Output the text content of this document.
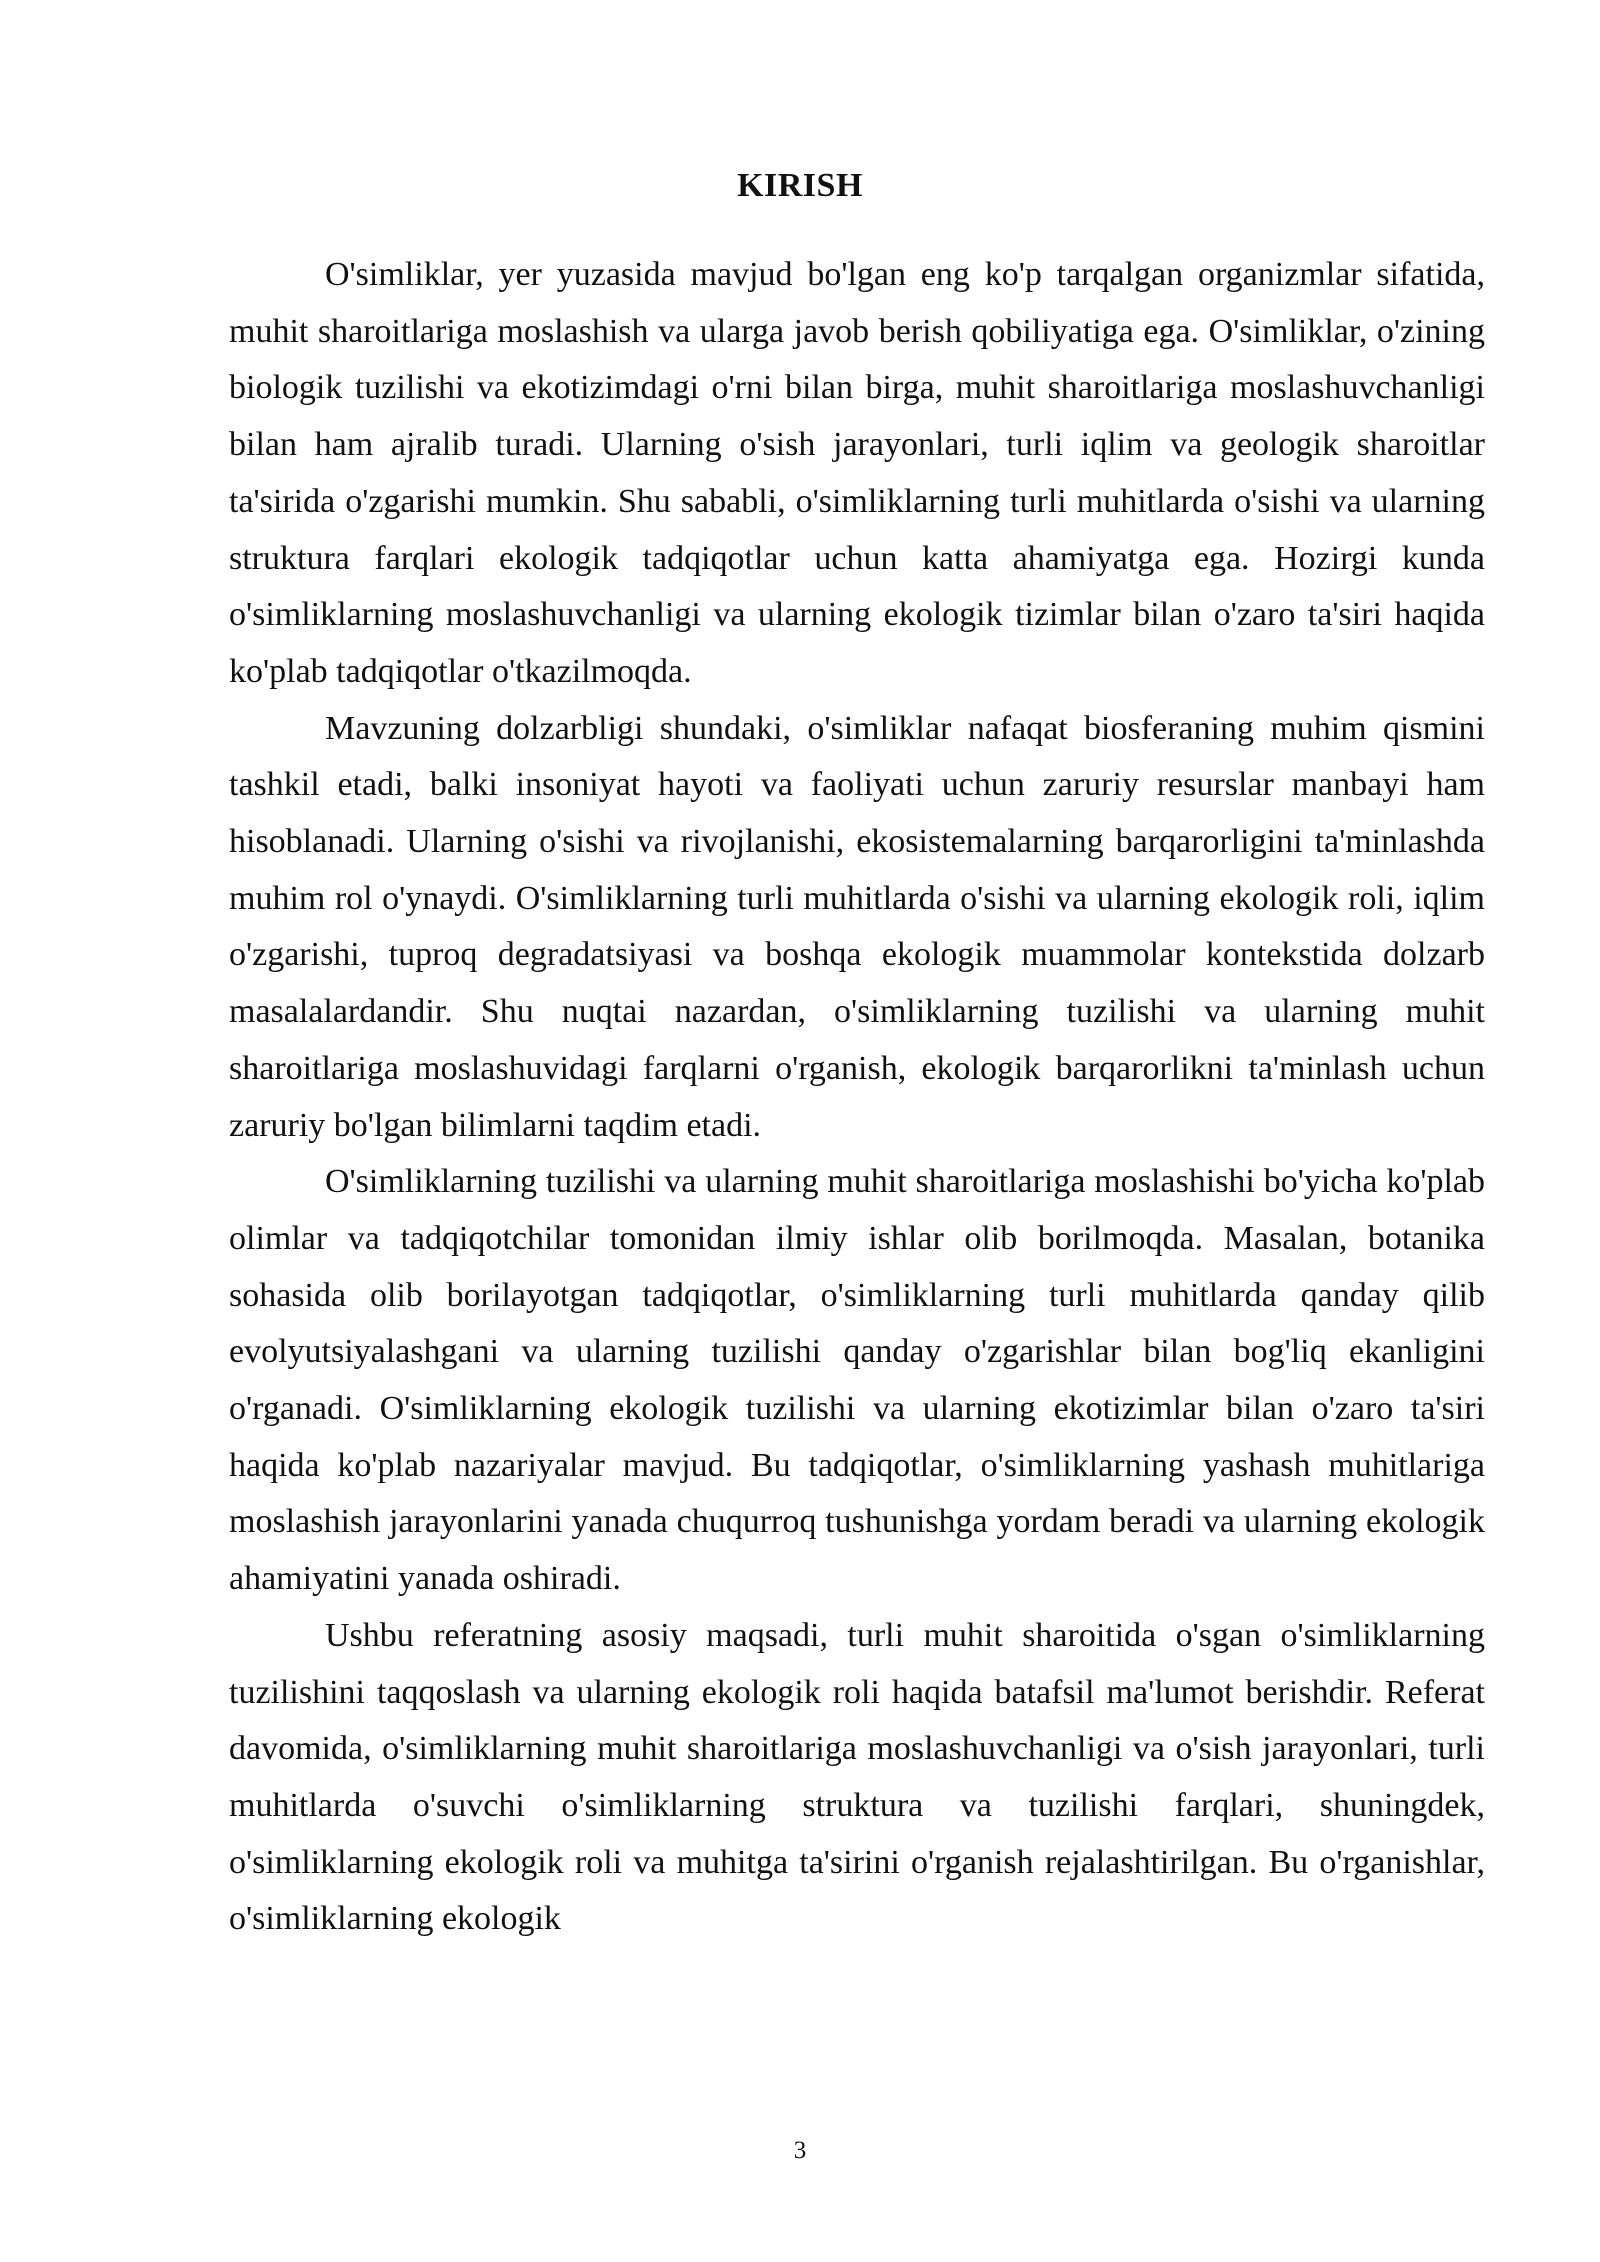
KIRISH

O'simliklar, yer yuzasida mavjud bo'lgan eng ko'p tarqalgan organizmlar sifatida, muhit sharoitlariga moslashish va ularga javob berish qobiliyatiga ega. O'simliklar, o'zining biologik tuzilishi va ekotizimdagi o'rni bilan birga, muhit sharoitlariga moslashuvchanligi bilan ham ajralib turadi. Ularning o'sish jarayonlari, turli iqlim va geologik sharoitlar ta'sirida o'zgarishi mumkin. Shu sababli, o'simliklarning turli muhitlarda o'sishi va ularning struktura farqlari ekologik tadqiqotlar uchun katta ahamiyatga ega. Hozirgi kunda o'simliklarning moslashuvchanligi va ularning ekologik tizimlar bilan o'zaro ta'siri haqida ko'plab tadqiqotlar o'tkazilmoqda.

Mavzuning dolzarbligi shundaki, o'simliklar nafaqat biosferaning muhim qismini tashkil etadi, balki insoniyat hayoti va faoliyati uchun zaruriy resurslar manbayi ham hisoblanadi. Ularning o'sishi va rivojlanishi, ekosistemalarning barqarorligini ta'minlashda muhim rol o'ynaydi. O'simliklarning turli muhitlarda o'sishi va ularning ekologik roli, iqlim o'zgarishi, tuproq degradatsiyasi va boshqa ekologik muammolar kontekstida dolzarb masalalardandir. Shu nuqtai nazardan, o'simliklarning tuzilishi va ularning muhit sharoitlariga moslashuvidagi farqlarni o'rganish, ekologik barqarorlikni ta'minlash uchun zaruriy bo'lgan bilimlarni taqdim etadi.

O'simliklarning tuzilishi va ularning muhit sharoitlariga moslashishi bo'yicha ko'plab olimlar va tadqiqotchilar tomonidan ilmiy ishlar olib borilmoqda. Masalan, botanika sohasida olib borilayotgan tadqiqotlar, o'simliklarning turli muhitlarda qanday qilib evolyutsiyalashgani va ularning tuzilishi qanday o'zgarishlar bilan bog'liq ekanligini o'rganadi. O'simliklarning ekologik tuzilishi va ularning ekotizimlar bilan o'zaro ta'siri haqida ko'plab nazariyalar mavjud. Bu tadqiqotlar, o'simliklarning yashash muhitlariga moslashish jarayonlarini yanada chuqurroq tushunishga yordam beradi va ularning ekologik ahamiyatini yanada oshiradi.

Ushbu referatning asosiy maqsadi, turli muhit sharoitida o'sgan o'simliklarning tuzilishini taqqoslash va ularning ekologik roli haqida batafsil ma'lumot berishdir. Referat davomida, o'simliklarning muhit sharoitlariga moslashuvchanligi va o'sish jarayonlari, turli muhitlarda o'suvchi o'simliklarning struktura va tuzilishi farqlari, shuningdek, o'simliklarning ekologik roli va muhitga ta'sirini o'rganish rejalashtirilgan. Bu o'rganishlar, o'simliklarning ekologik

3
